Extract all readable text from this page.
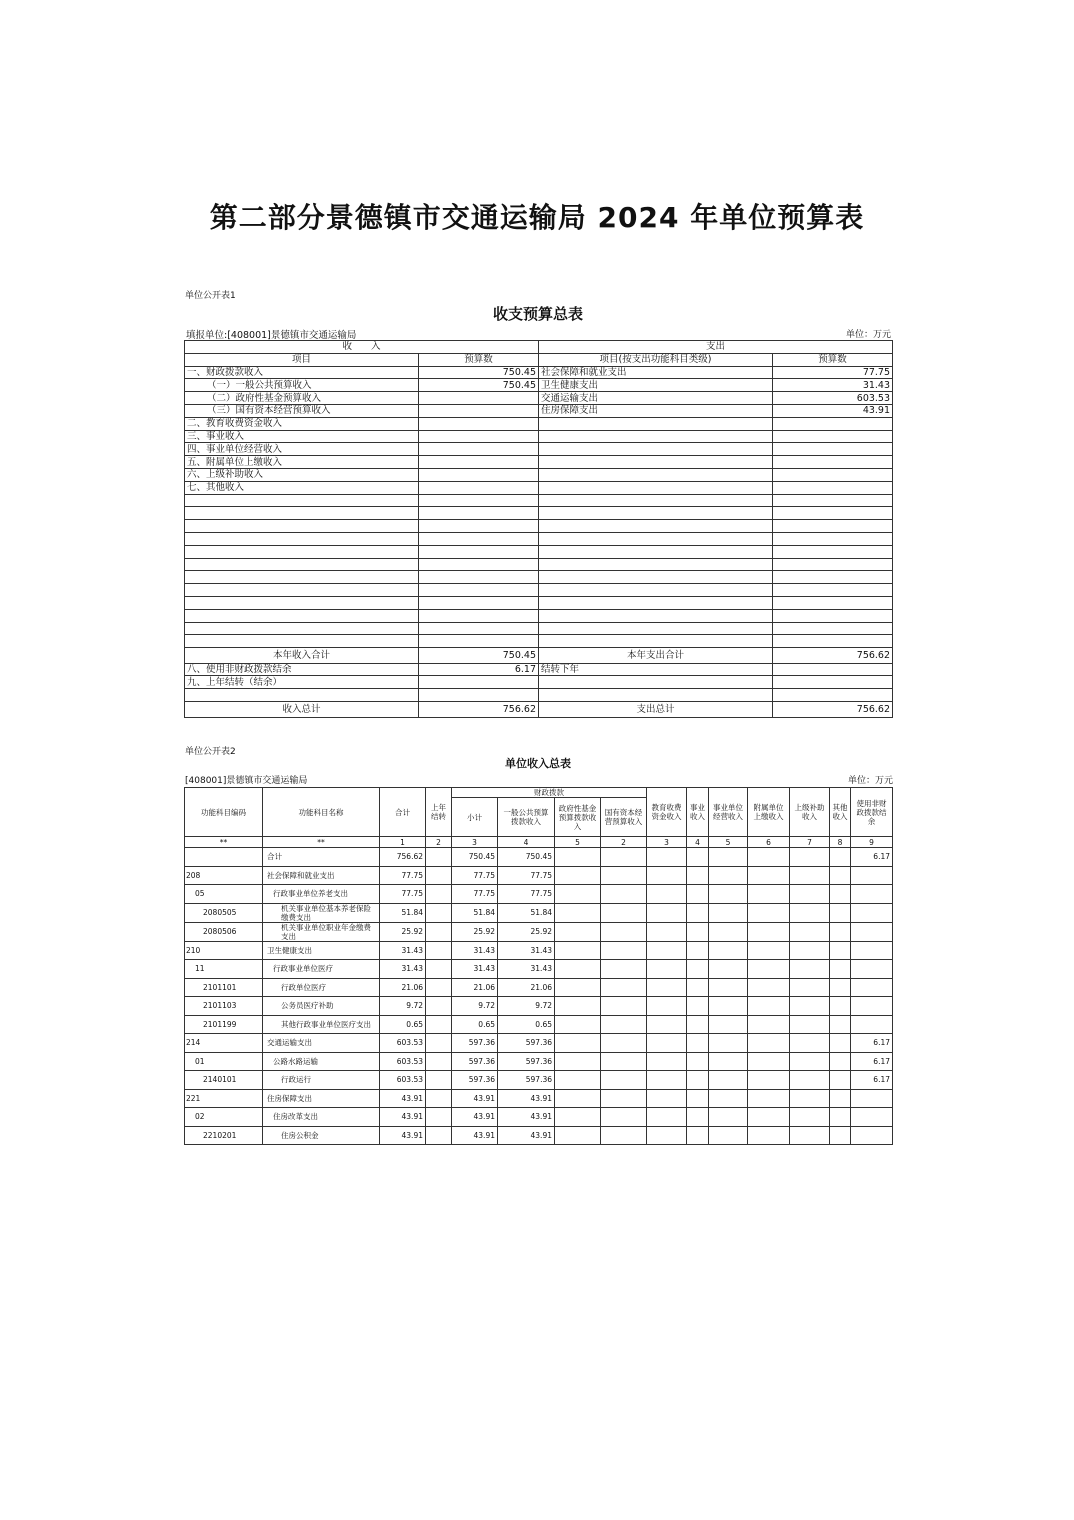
第二部分景德镇市交通运输局 2024 年单位预算表
单位公开表1
收支预算总表
填报单位:[408001]景德镇市交通运输局	单位：万元
收　　入		支出	
项目	预算数	项目(按支出功能科目类级)	预算数
一、财政拨款收入	750.45	社会保障和就业支出	77.75
（一）一般公共预算收入	750.45	卫生健康支出	31.43
（二）政府性基金预算收入		交通运输支出	603.53
（三）国有资本经营预算收入		住房保障支出	43.91
二、教育收费资金收入			
三、事业收入			
四、事业单位经营收入			
五、附属单位上缴收入			
六、上级补助收入			
七、其他收入			

本年收入合计	750.45	本年支出合计	756.62
八、使用非财政拨款结余	6.17	结转下年	
九、上年结转（结余）			

收入总计	756.62	支出总计	756.62
单位公开表2
单位收入总表
[408001]景德镇市交通运输局	单位：万元
功能科目编码	功能科目名称	合计	上年结转	财政拨款				教育收费资金收入	事业收入	事业单位经营收入	附属单位上缴收入	上级补助收入	其他收入	使用非财政拨款结余
				小计	一般公共预算拨款收入	政府性基金预算拨款收入	国有资本经营预算收入							
**	**	1	2	3	4	5	2	3	4	5	6	7	8	9
	合计	756.62		750.45	750.45									6.17
208	社会保障和就业支出	77.75		77.75	77.75									
05	行政事业单位养老支出	77.75		77.75	77.75									
2080505	机关事业单位基本养老保险缴费支出	51.84		51.84	51.84									
2080506	机关事业单位职业年金缴费支出	25.92		25.92	25.92									
210	卫生健康支出	31.43		31.43	31.43									
11	行政事业单位医疗	31.43		31.43	31.43									
2101101	行政单位医疗	21.06		21.06	21.06									
2101103	公务员医疗补助	9.72		9.72	9.72									
2101199	其他行政事业单位医疗支出	0.65		0.65	0.65									
214	交通运输支出	603.53		597.36	597.36									6.17
01	公路水路运输	603.53		597.36	597.36									6.17
2140101	行政运行	603.53		597.36	597.36									6.17
221	住房保障支出	43.91		43.91	43.91									
02	住房改革支出	43.91		43.91	43.91									
2210201	住房公积金	43.91		43.91	43.91									
